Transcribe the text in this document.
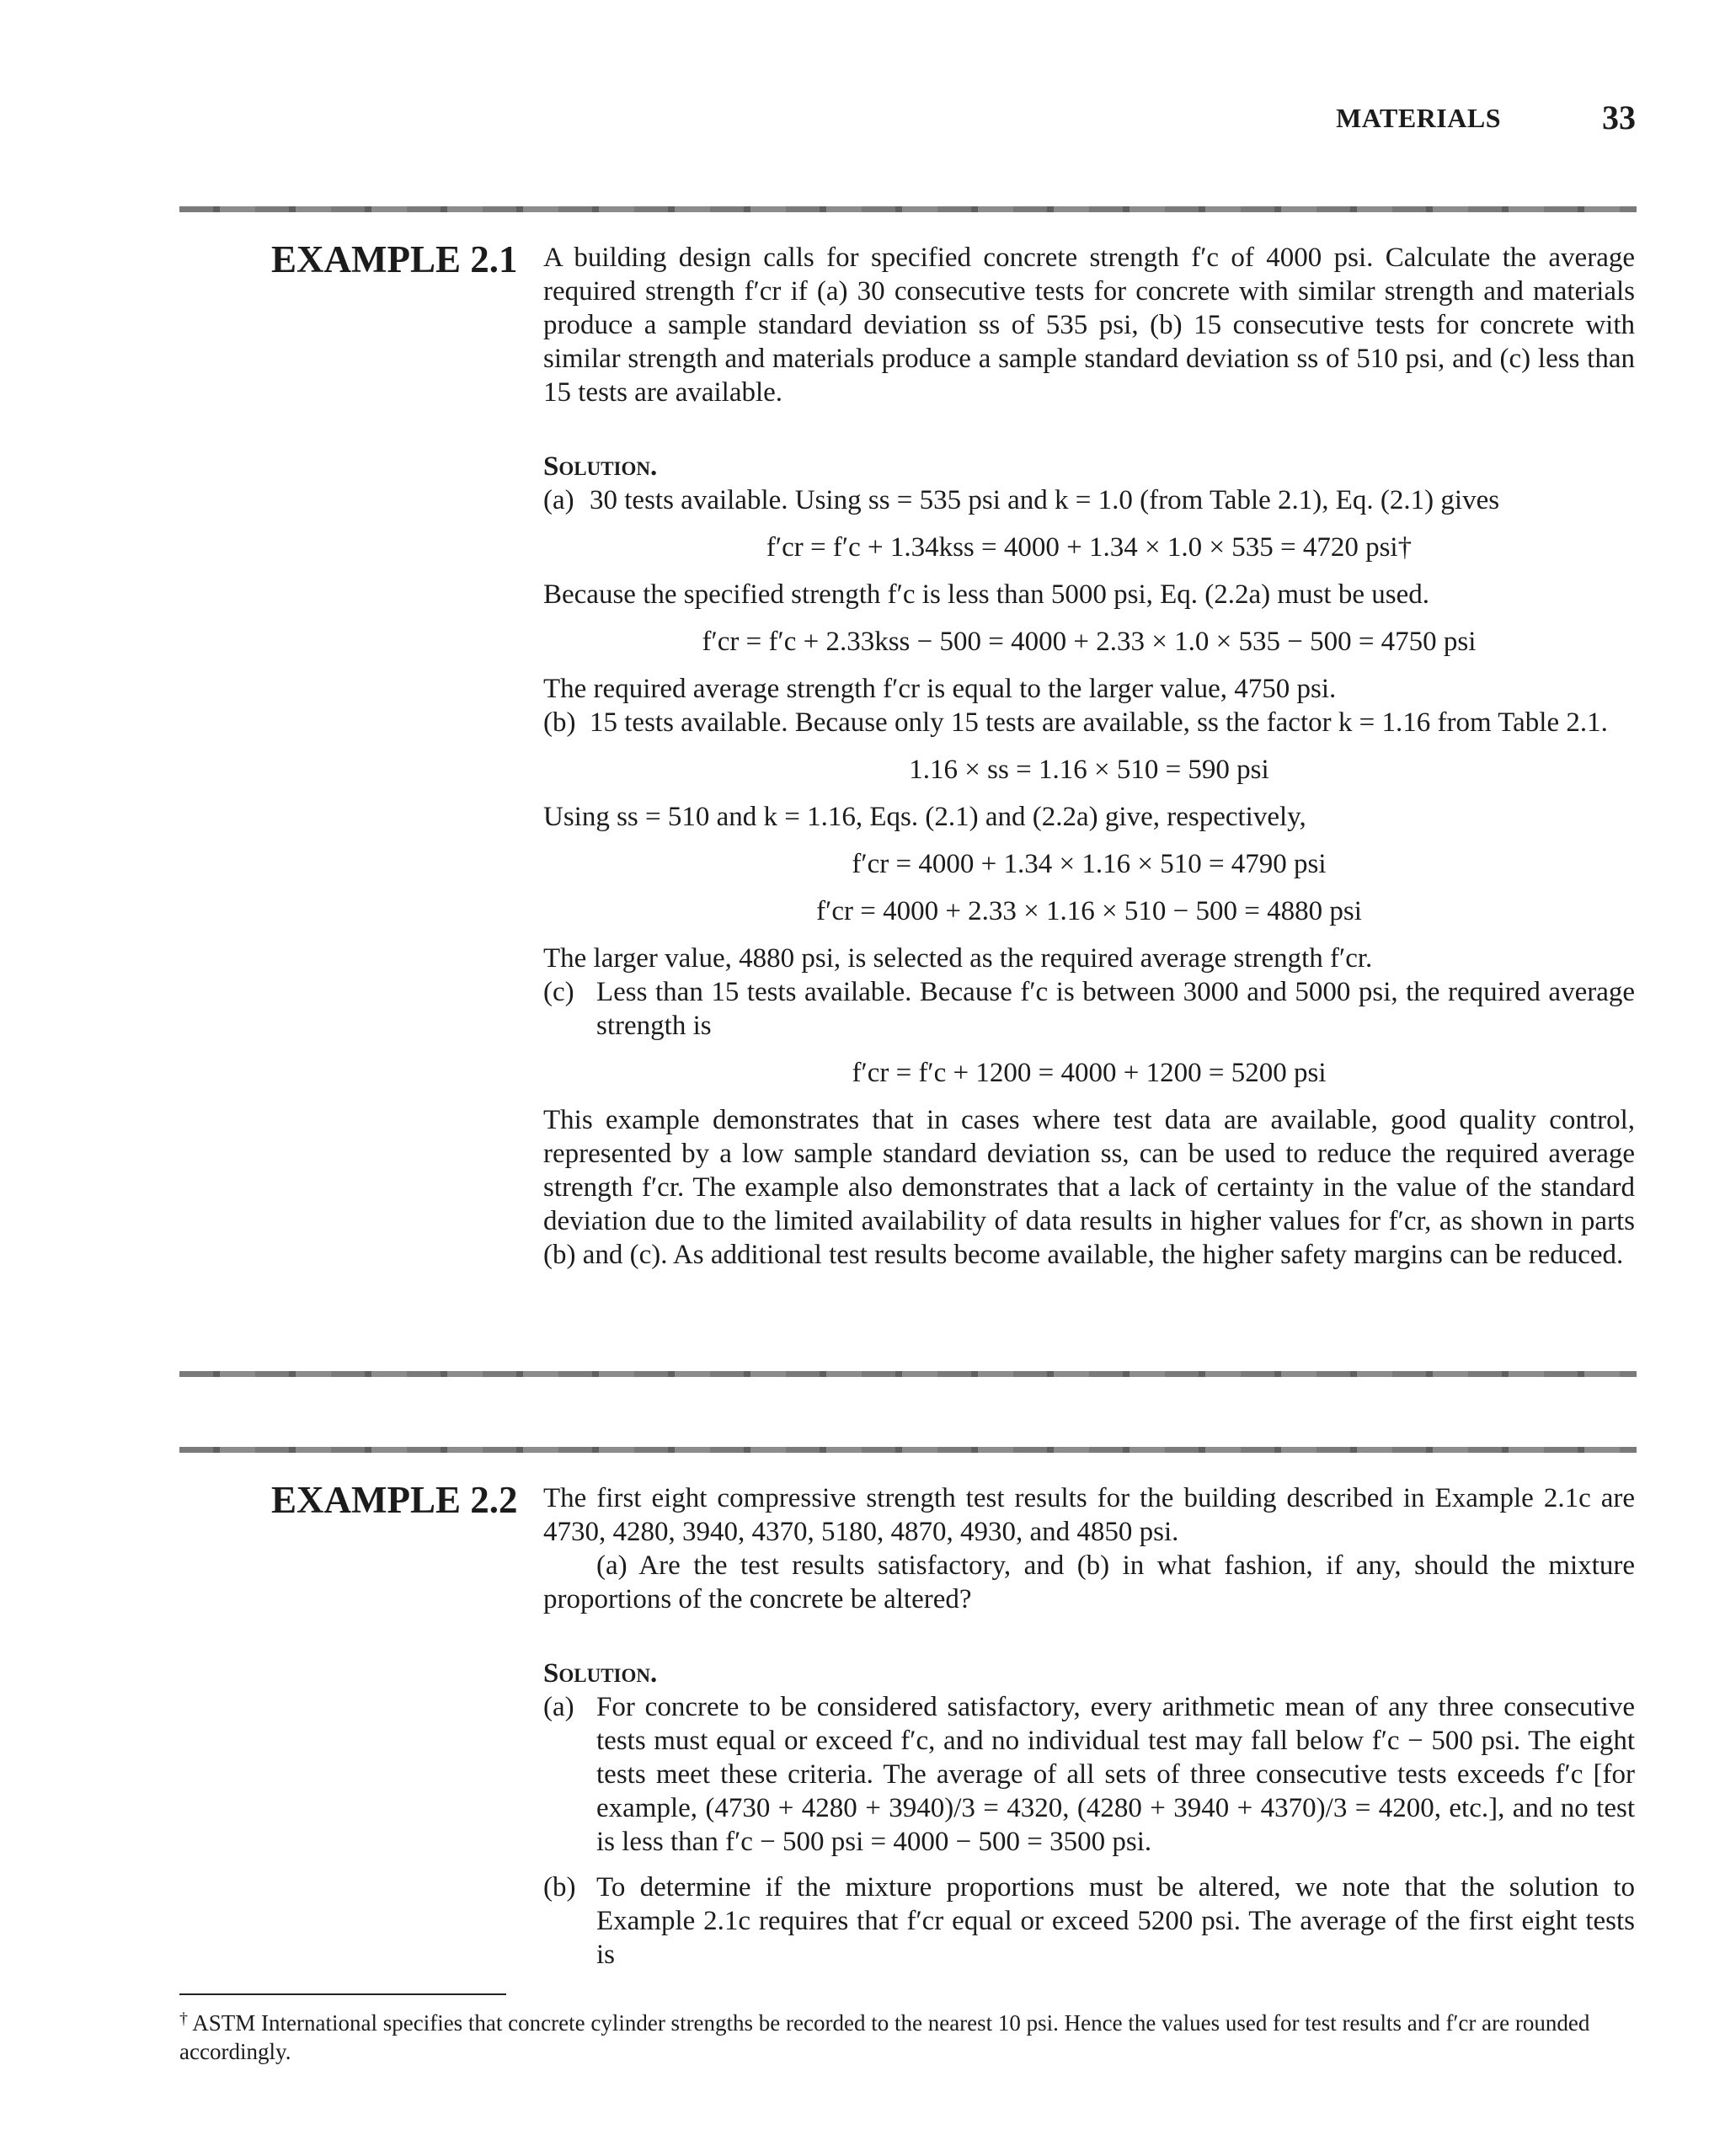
MATERIALS	33
EXAMPLE 2.1 A building design calls for specified concrete strength f′c of 4000 psi. Calculate the average required strength f′cr if (a) 30 consecutive tests for concrete with similar strength and materials produce a sample standard deviation ss of 535 psi, (b) 15 consecutive tests for concrete with similar strength and materials produce a sample standard deviation ss of 510 psi, and (c) less than 15 tests are available.

Solution.
(a) 30 tests available. Using ss = 535 psi and k = 1.0 (from Table 2.1), Eq. (2.1) gives

f′cr = f′c + 1.34kss = 4000 + 1.34 × 1.0 × 535 = 4720 psi†

Because the specified strength f′c is less than 5000 psi, Eq. (2.2a) must be used.

f′cr = f′c + 2.33kss − 500 = 4000 + 2.33 × 1.0 × 535 − 500 = 4750 psi

The required average strength f′cr is equal to the larger value, 4750 psi.

(b) 15 tests available. Because only 15 tests are available, ss the factor k = 1.16 from Table 2.1.

1.16 × ss = 1.16 × 510 = 590 psi

Using ss = 510 and k = 1.16, Eqs. (2.1) and (2.2a) give, respectively,

f′cr = 4000 + 1.34 × 1.16 × 510 = 4790 psi
f′cr = 4000 + 2.33 × 1.16 × 510 − 500 = 4880 psi

The larger value, 4880 psi, is selected as the required average strength f′cr.

(c) Less than 15 tests available. Because f′c is between 3000 and 5000 psi, the required average strength is

f′cr = f′c + 1200 = 4000 + 1200 = 5200 psi

This example demonstrates that in cases where test data are available, good quality control, represented by a low sample standard deviation ss, can be used to reduce the required average strength f′cr. The example also demonstrates that a lack of certainty in the value of the standard deviation due to the limited availability of data results in higher values for f′cr, as shown in parts (b) and (c). As additional test results become available, the higher safety margins can be reduced.

EXAMPLE 2.2 The first eight compressive strength test results for the building described in Example 2.1c are 4730, 4280, 3940, 4370, 5180, 4870, 4930, and 4850 psi.

(a) Are the test results satisfactory, and (b) in what fashion, if any, should the mixture proportions of the concrete be altered?

Solution.
(a) For concrete to be considered satisfactory, every arithmetic mean of any three consecutive tests must equal or exceed f′c, and no individual test may fall below f′c − 500 psi. The eight tests meet these criteria. The average of all sets of three consecutive tests exceeds f′c [for example, (4730 + 4280 + 3940)/3 = 4320, (4280 + 3940 + 4370)/3 = 4200, etc.], and no test is less than f′c − 500 psi = 4000 − 500 = 3500 psi.

(b) To determine if the mixture proportions must be altered, we note that the solution to Example 2.1c requires that f′cr equal or exceed 5200 psi. The average of the first eight tests is

† ASTM International specifies that concrete cylinder strengths be recorded to the nearest 10 psi. Hence the values used for test results and f′cr are rounded accordingly.
